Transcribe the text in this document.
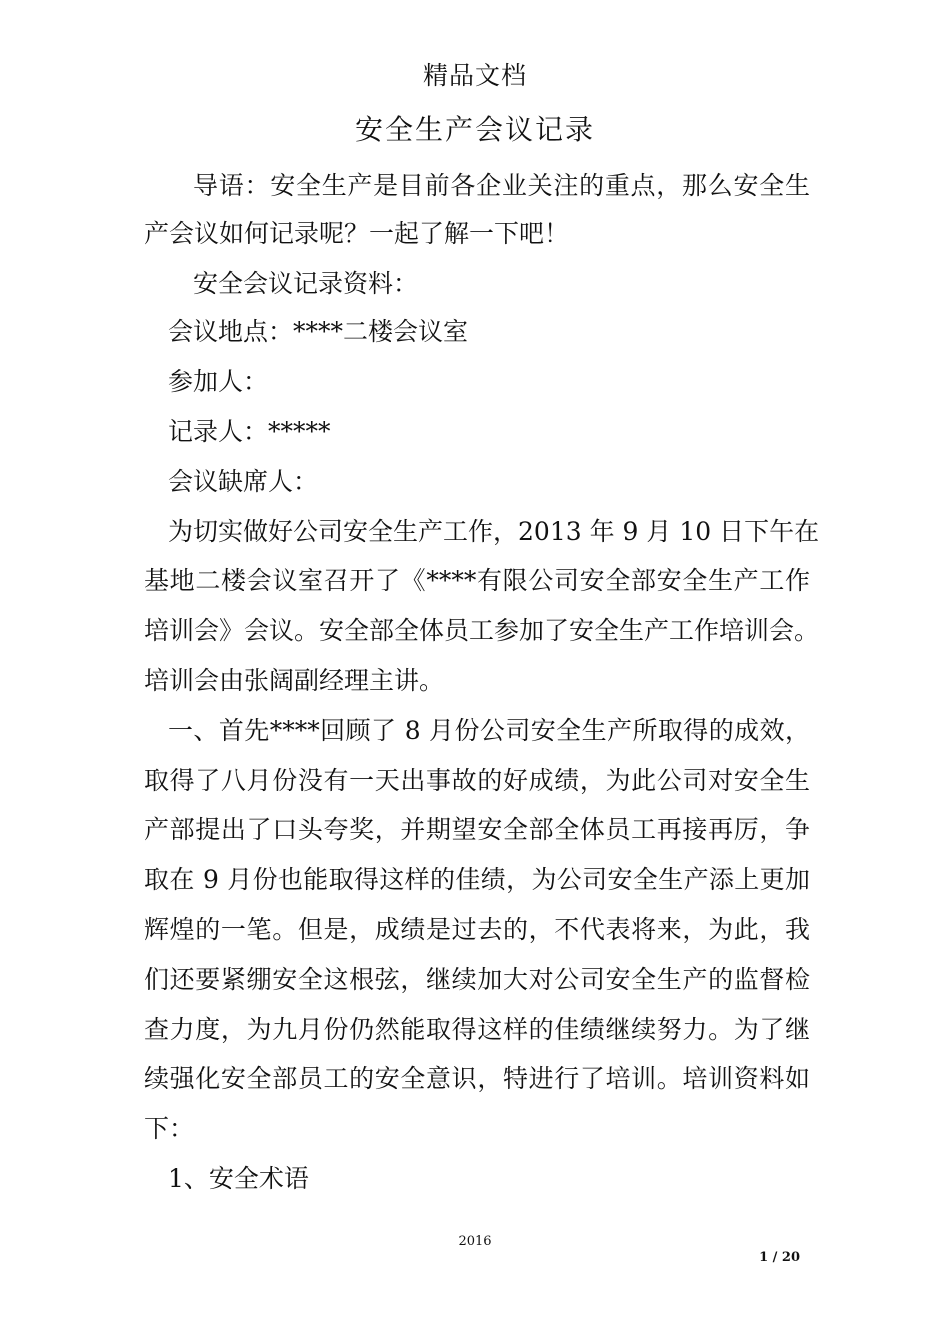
精品文档
安全生产会议记录
导语：安全生产是目前各企业关注的重点，那么安全生
产会议如何记录呢？一起了解一下吧！
安全会议记录资料：
会议地点：****二楼会议室
参加人：
记录人：*****
会议缺席人：
为切实做好公司安全生产工作，2013 年 9 月 10 日下午在
基地二楼会议室召开了《****有限公司安全部安全生产工作
培训会》会议。安全部全体员工参加了安全生产工作培训会。
培训会由张阔副经理主讲。
一、首先****回顾了 8 月份公司安全生产所取得的成效，
取得了八月份没有一天出事故的好成绩，为此公司对安全生
产部提出了口头夸奖，并期望安全部全体员工再接再厉，争
取在 9 月份也能取得这样的佳绩，为公司安全生产添上更加
辉煌的一笔。但是，成绩是过去的，不代表将来，为此，我
们还要紧绷安全这根弦，继续加大对公司安全生产的监督检
查力度，为九月份仍然能取得这样的佳绩继续努力。为了继
续强化安全部员工的安全意识，特进行了培训。培训资料如
下：
1、安全术语
2016
1 / 20
